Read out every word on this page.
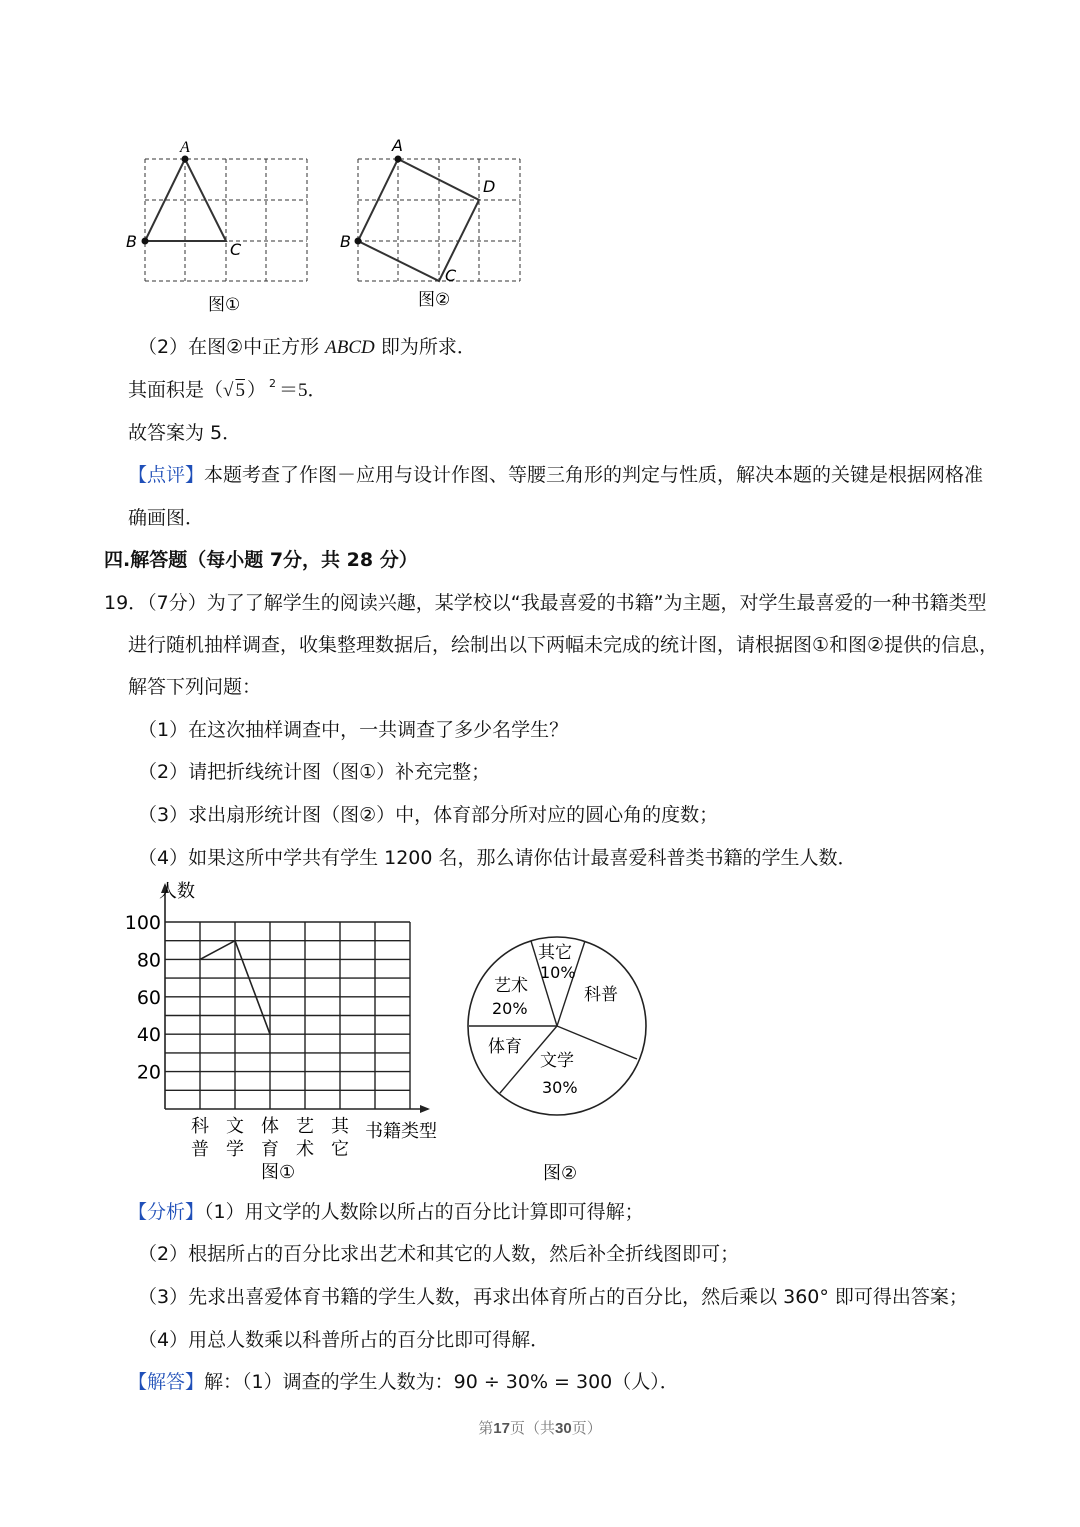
A
B	C
图①
A
B
C
D
图②
（2）在图②中正方形 ABCD 即为所求．
其面积是（√ 5 ） $^2$ ＝5．
故答案为 5．
【点评】本题考查了作图－应用与设计作图、等腰三角形的判定与性质，解决本题的关键是根据网格准
确画图．
四.解答题（每小题 7分，共 28 分）
19．（7分）为了了解学生的阅读兴趣，某学校以“我最喜爱的书籍”为主题，对学生最喜爱的一种书籍类型
进行随机抽样调查，收集整理数据后，绘制出以下两幅未完成的统计图，请根据图①和图②提供的信息，
解答下列问题：
（1）在这次抽样调查中，一共调查了多少名学生？
（2）请把折线统计图（图①）补充完整；
（3）求出扇形统计图（图②）中，体育部分所对应的圆心角的度数；
（4）如果这所中学共有学生 1200 名，那么请你估计最喜爱科普类书籍的学生人数．
20
40
60
80
100
科
普
文
学
体
育
艺
术
其
它
人数
书籍类型
图①
其它
10%
科普
文学
30%
体育
艺术
20%
图②
【分析】（1）用文学的人数除以所占的百分比计算即可得解；
（2）根据所占的百分比求出艺术和其它的人数，然后补全折线图即可；
（3）先求出喜爱体育书籍的学生人数，再求出体育所占的百分比，然后乘以 360° 即可得出答案；
（4）用总人数乘以科普所占的百分比即可得解．
【解答】解：（1）调查的学生人数为：90 ÷ 30% = 300（人）．
第17页（共30页）
